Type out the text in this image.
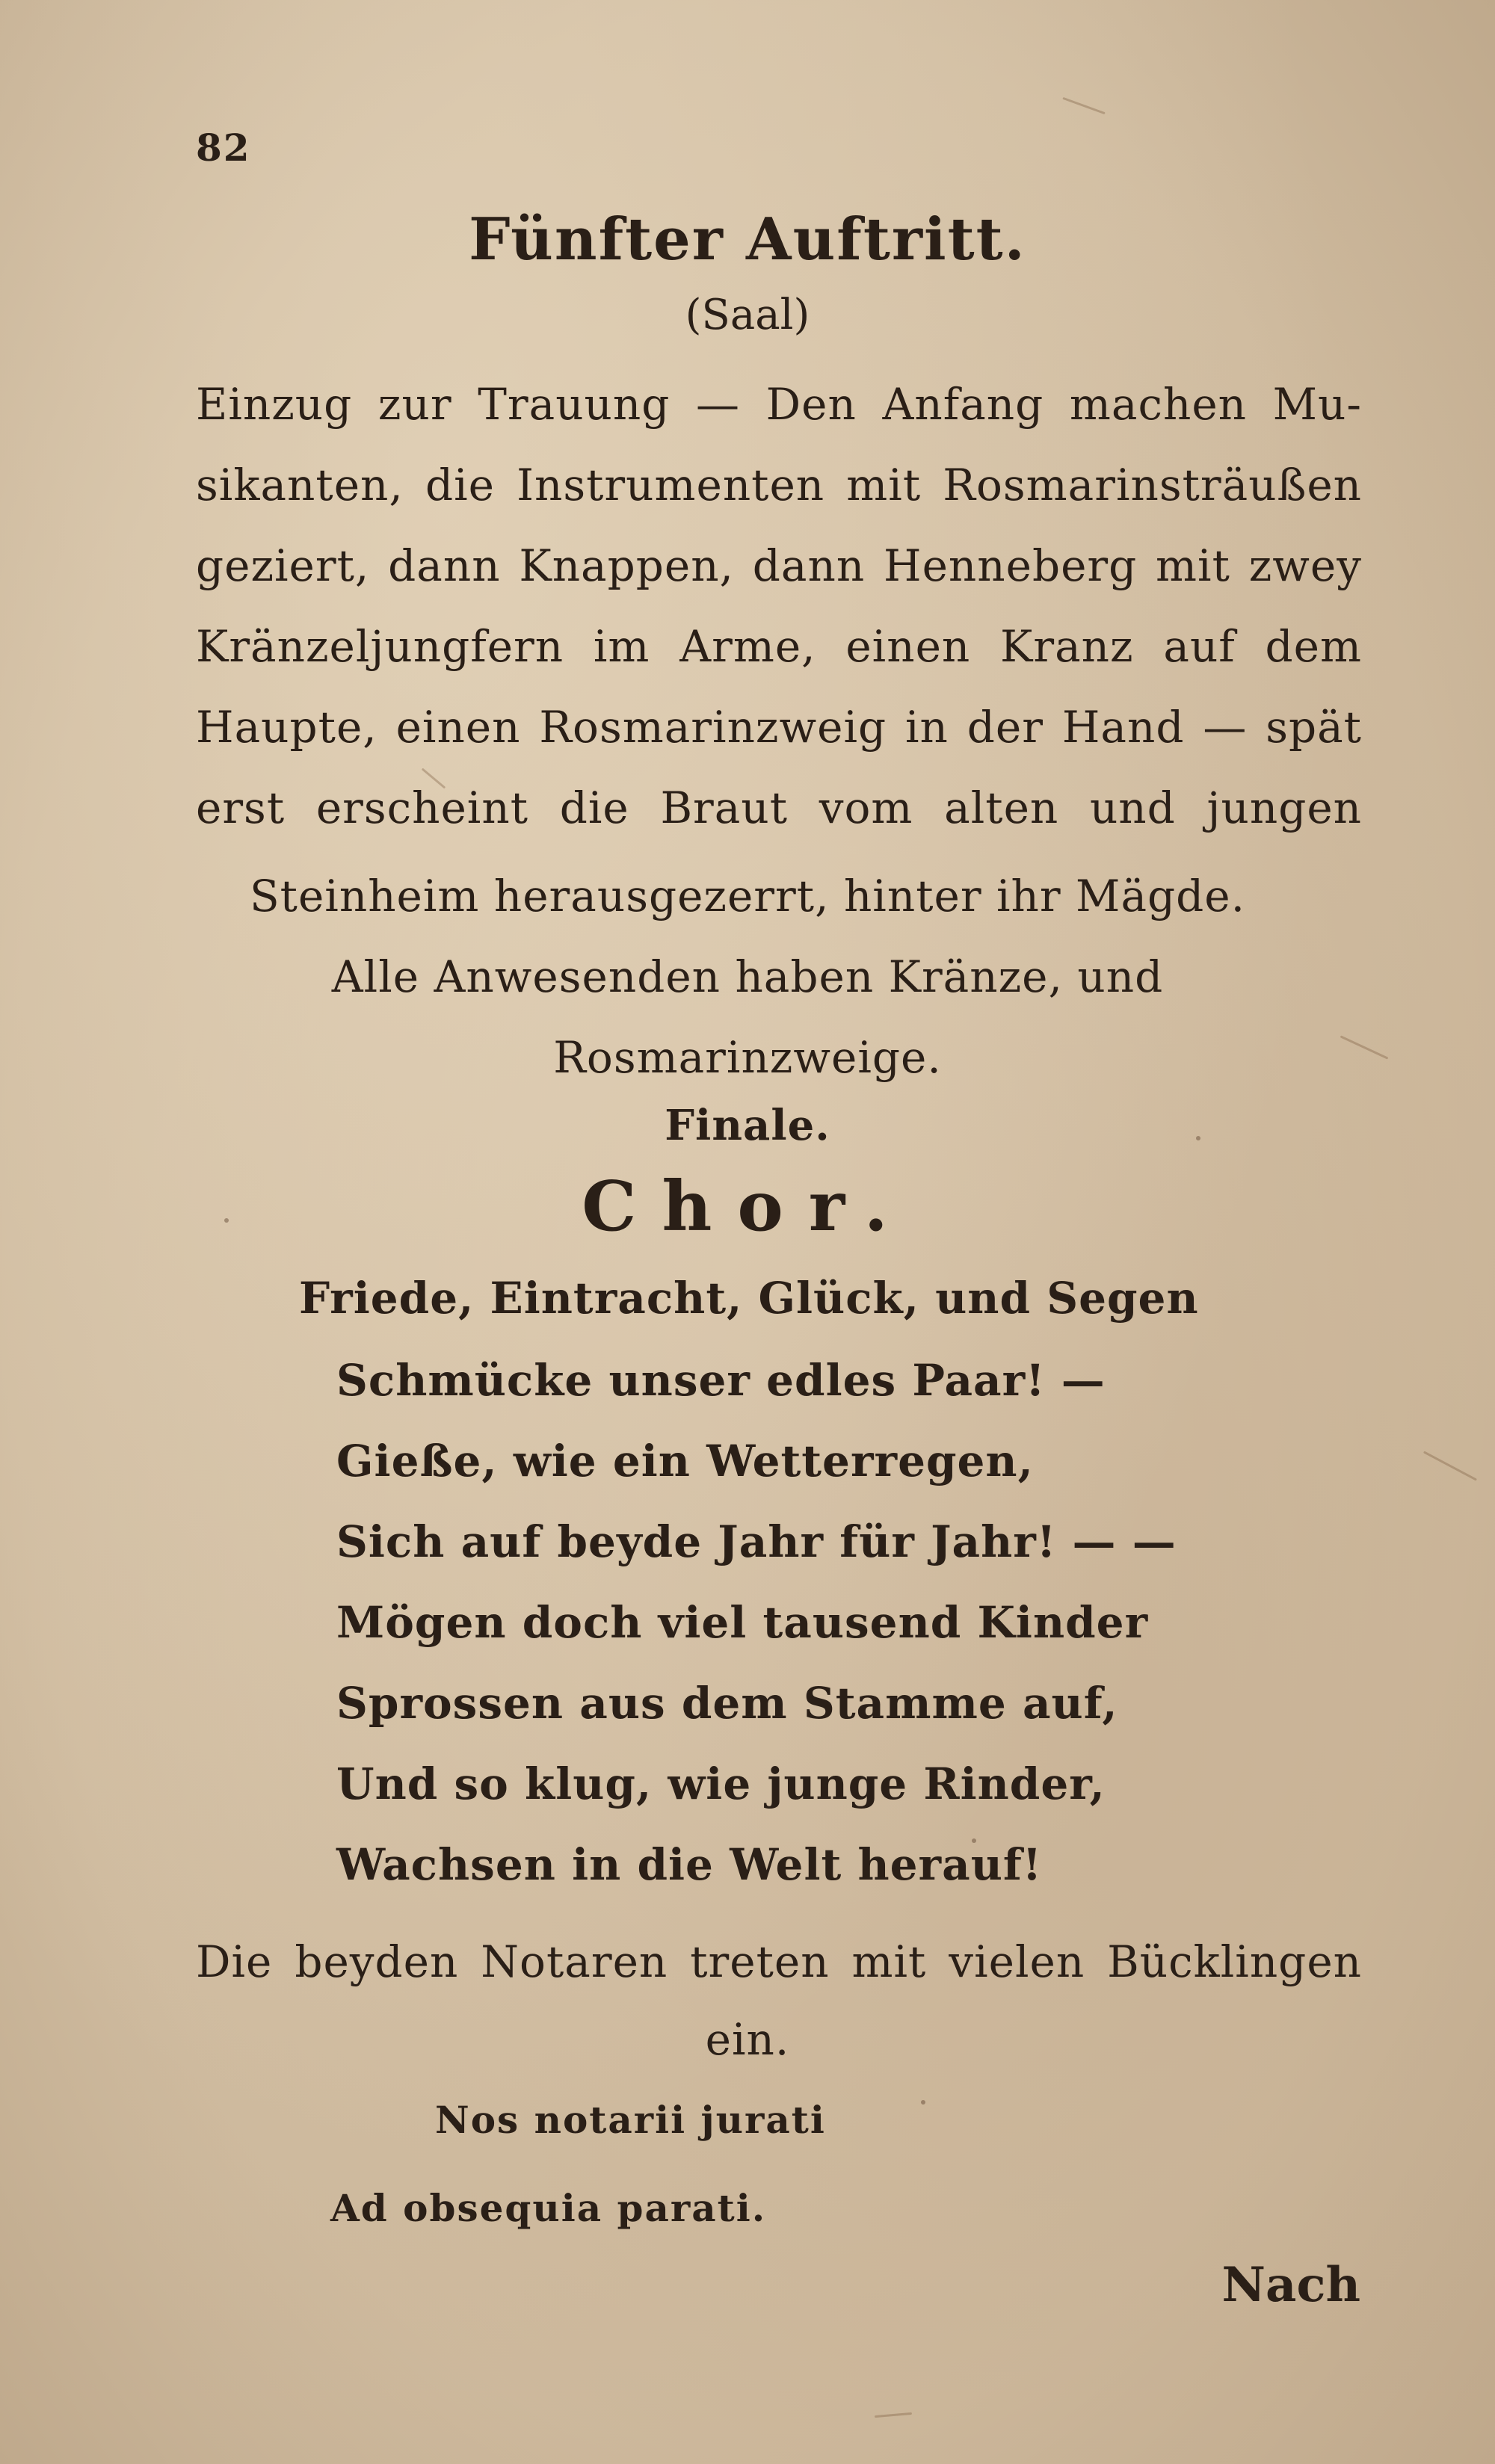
82
Fünfter Auftritt.
(Saal)
Einzug zur Trauung — Den Anfang machen Mu-
sikanten, die Instrumenten mit Rosmarinsträußen
geziert, dann Knappen, dann Henneberg mit zwey
Kränzeljungfern im Arme, einen Kranz auf dem
Haupte, einen Rosmarinzweig in der Hand — spät
erst erscheint die Braut vom alten und jungen
Steinheim herausgezerrt, hinter ihr Mägde.
Alle Anwesenden haben Kränze, und
Rosmarinzweige.
Finale.
Chor.
Friede, Eintracht, Glück, und Segen
Schmücke unser edles Paar! —
Gieße, wie ein Wetterregen,
Sich auf beyde Jahr für Jahr! — —
Mögen doch viel tausend Kinder
Sprossen aus dem Stamme auf,
Und so klug, wie junge Rinder,
Wachsen in die Welt herauf!
Die beyden Notaren treten mit vielen Bücklingen
ein.
Nos notarii jurati
Ad obsequia parati.
Nach
